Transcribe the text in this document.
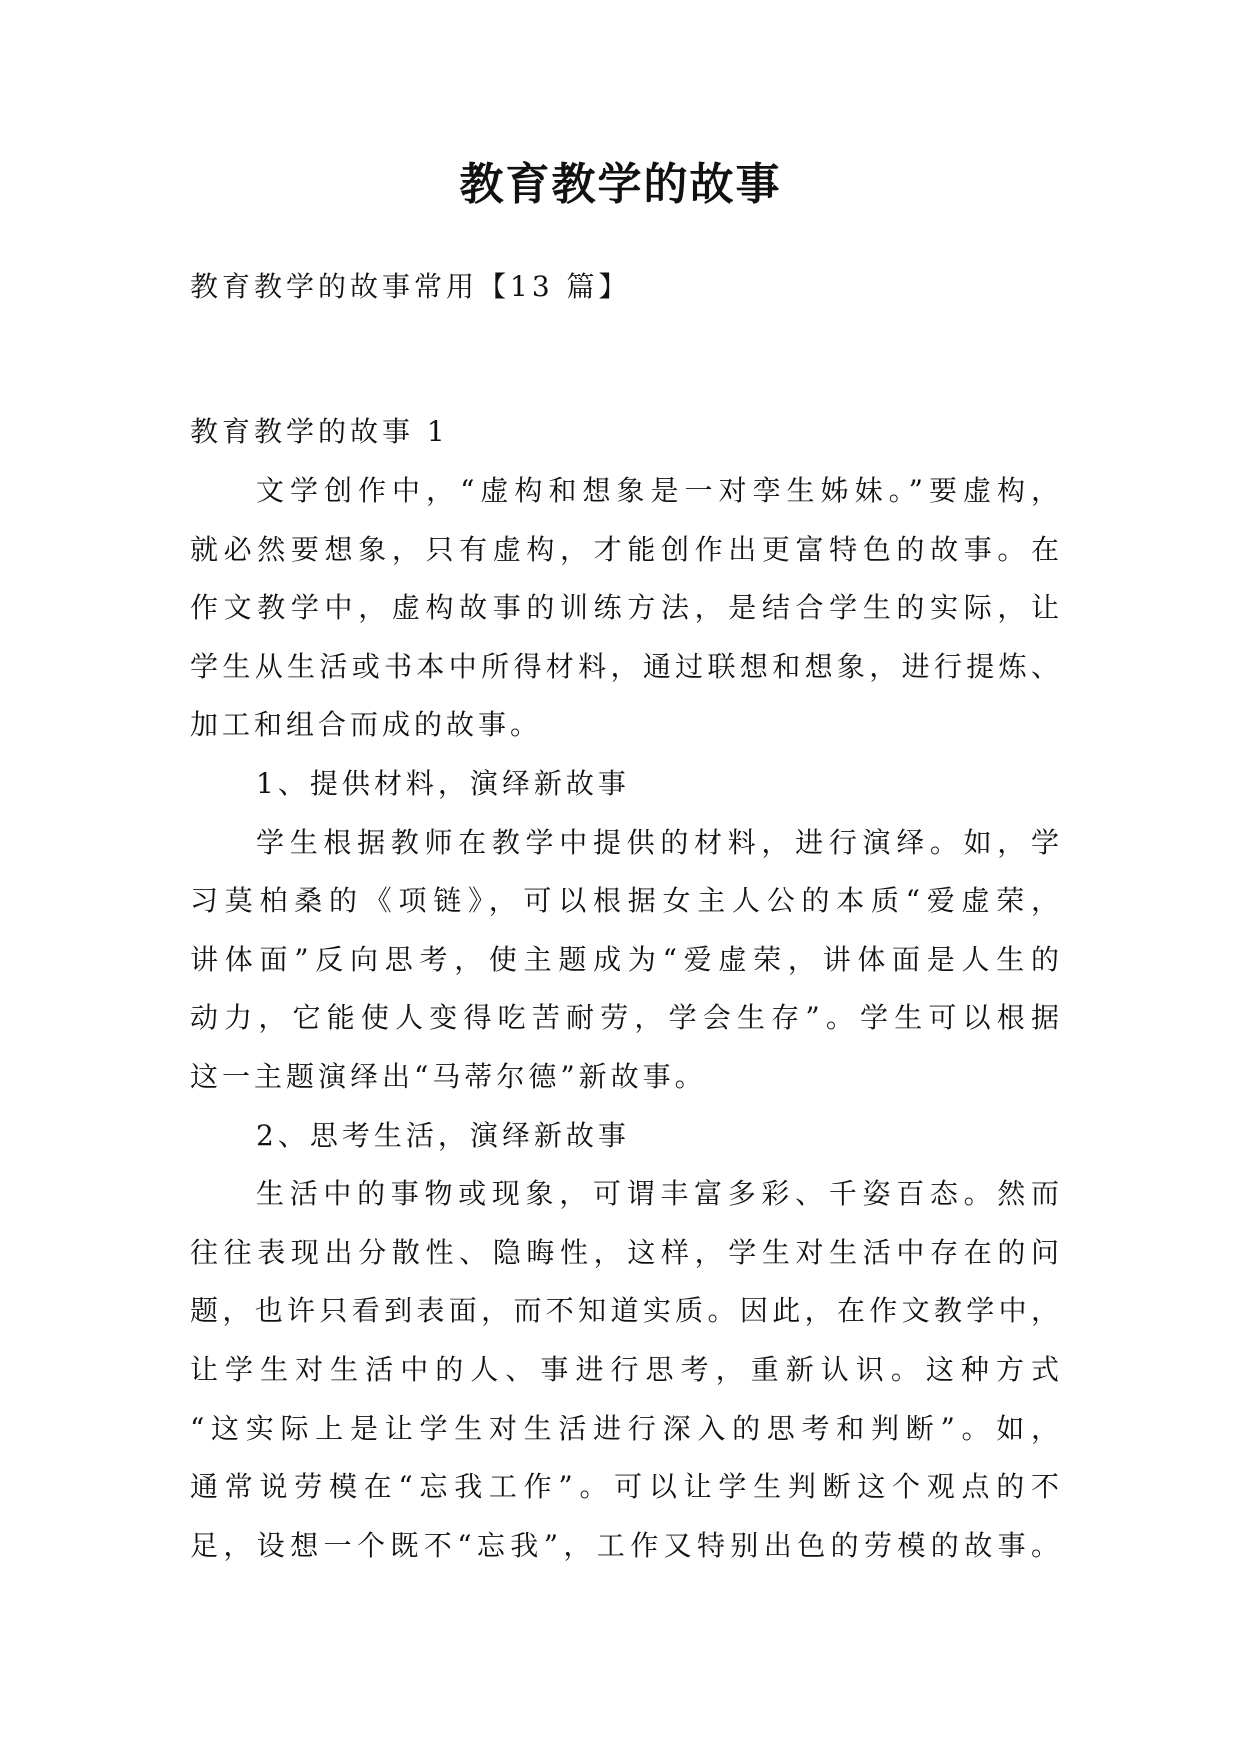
教育教学的故事
教育教学的故事常用【13 篇】
教育教学的故事 1
文学创作中，“虚构和想象是一对孪生姊妹。”要虚构，
就必然要想象，只有虚构，才能创作出更富特色的故事。在
作文教学中，虚构故事的训练方法，是结合学生的实际，让
学生从生活或书本中所得材料，通过联想和想象，进行提炼、
加工和组合而成的故事。
1、提供材料，演绎新故事
学生根据教师在教学中提供的材料，进行演绎。如，学
习莫柏桑的《项链》，可以根据女主人公的本质“爱虚荣，
讲体面”反向思考，使主题成为“爱虚荣，讲体面是人生的
动力，它能使人变得吃苦耐劳，学会生存”。学生可以根据
这一主题演绎出“马蒂尔德”新故事。
2、思考生活，演绎新故事
生活中的事物或现象，可谓丰富多彩、千姿百态。然而
往往表现出分散性、隐晦性，这样，学生对生活中存在的问
题，也许只看到表面，而不知道实质。因此，在作文教学中，
让学生对生活中的人、事进行思考，重新认识。这种方式
“这实际上是让学生对生活进行深入的思考和判断”。如，
通常说劳模在“忘我工作”。可以让学生判断这个观点的不
足，设想一个既不“忘我”，工作又特别出色的劳模的故事。
